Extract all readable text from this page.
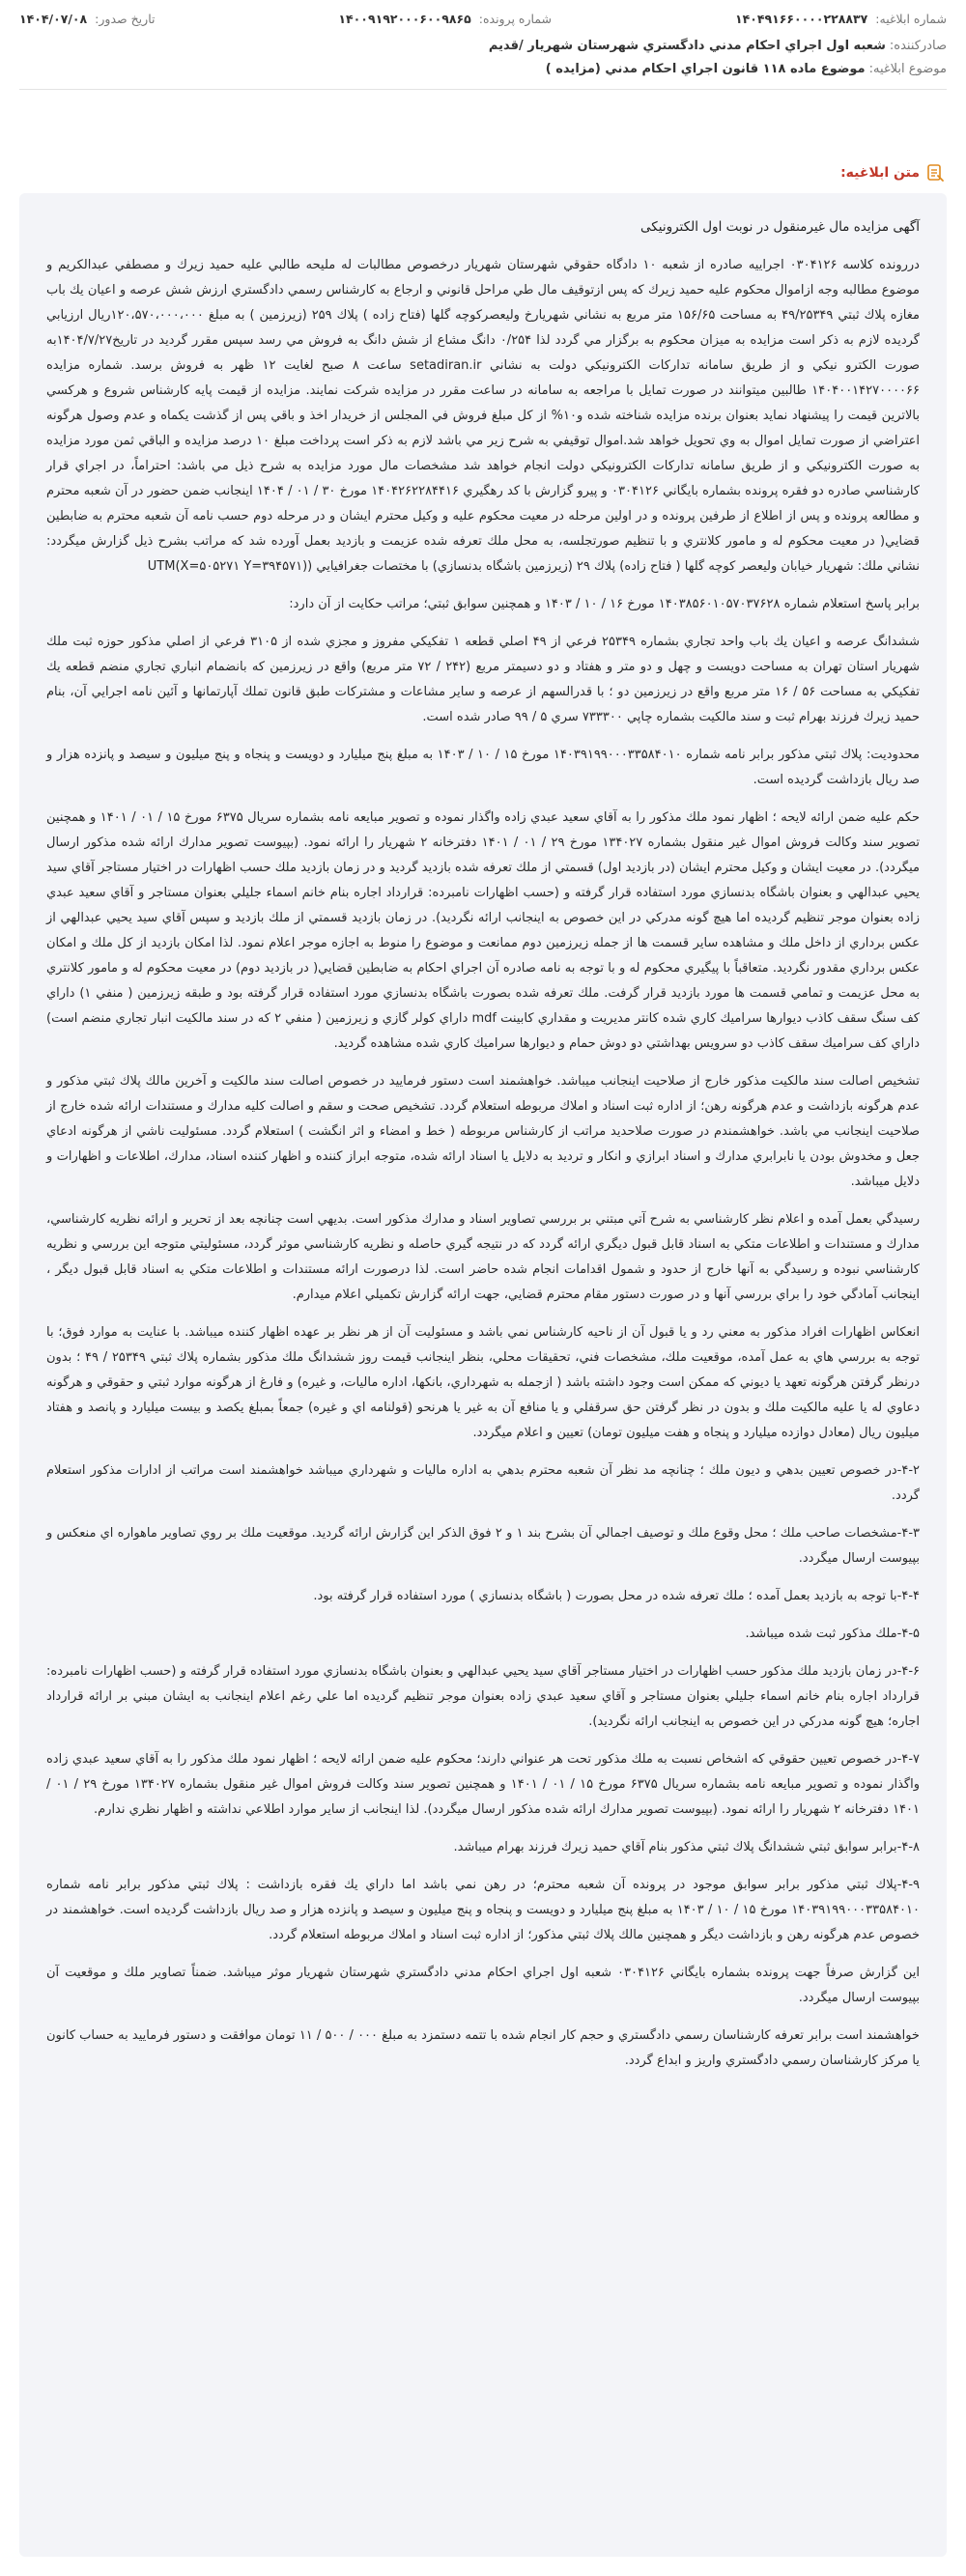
شماره ابلاغیه: ۱۴۰۴۹۱۶۶۰۰۰۰۲۲۸۸۳۷
شماره پرونده: ۱۴۰۰۹۱۹۲۰۰۰۶۰۰۹۸۶۵
تاریخ صدور: ۱۴۰۴/۰۷/۰۸
صادرکننده:
شعبه اول اجراي احكام مدني دادگستري شهرستان شهريار /قديم
موضوع ابلاغیه:
موضوع ماده ۱۱۸ قانون اجراي احكام مدني (مزايده )
متن ابلاغیه:

آگهی مزایده مال غیرمنقول در نوبت اول الکترونیکی

دررونده كلاسه ۰۳۰۴۱۲۶ اجراييه صادره از شعبه ۱۰ دادگاه حقوقي شهرستان شهريار درخصوص مطالبات له مليحه طالبي عليه حميد زيرك و مصطفي عبدالكريم و موضوع مطالبه وجه ازاموال محكوم عليه حميد زيرك كه پس ازتوقيف مال طي مراحل قانوني و ارجاع به كارشناس رسمي دادگستري ارزش شش عرصه و اعيان يك باب مغازه پلاك ثبتي ۴۹/۲۵۳۴۹ به مساحت ۱۵۶/۶۵ متر مربع به نشاني شهريارخ وليعصركوچه گلها (فتاح زاده ) پلاك ۲۵۹ (زيرزمين ) به مبلغ ۱۲۰،۵۷۰،۰۰۰،۰۰۰ريال ارزيابي گرديده لازم به ذكر است مزايده به ميزان محكوم به برگزار مي گردد لذا ۰/۲۵۴ دانگ مشاع از شش دانگ به فروش مي رسد سپس مقرر گرديد در تاريخ۱۴۰۴/۷/۲۷به صورت الكترو نيكي و از طريق سامانه تداركات الكترونيكي دولت به نشاني setadiran.ir ساعت ۸ صبح لغايت ۱۲ ظهر به فروش برسد. شماره مزايده ۱۴۰۴۰۰۱۴۲۷۰۰۰۰۶۶ طالبين ميتوانند در صورت تمايل با مراجعه به سامانه در ساعت مقرر در مزايده شركت نمايند. مزايده از قيمت پايه كارشناس شروع و هركسي بالاترين قيمت را پيشنهاد نمايد بعنوان برنده مزايده شناخته شده و۱۰% از كل مبلغ فروش في المجلس از خريدار اخذ و باقي پس از گذشت يكماه و عدم وصول هرگونه اعتراضي از صورت تمايل اموال به وي تحويل خواهد شد.اموال توقيفي به شرح زير مي باشد لازم به ذكر است پرداخت مبلغ ۱۰ درصد مزايده و الباقي ثمن مورد مزايده به صورت الكترونيكي و از طريق سامانه تداركات الكترونيكي دولت انجام خواهد شد مشخصات مال مورد مزايده به شرح ذيل مي باشد: احتراماً، در اجراي قرار كارشناسي صادره دو فقره پرونده بشماره بايگاني ۰۳۰۴۱۲۶ و پيرو گزارش با كد رهگيري ۱۴۰۴۲۶۲۲۸۴۴۱۶ مورخ ۳۰ / ۰۱ / ۱۴۰۴ اينجانب ضمن حضور در آن شعبه محترم و مطالعه پرونده و پس از اطلاع از طرفين پرونده و در اولين مرحله در معيت محكوم عليه و وكيل محترم ايشان و در مرحله دوم حسب نامه آن شعبه محترم به ضابطين قضايي( در معيت محكوم له و مامور كلانتري و با تنظيم صورتجلسه، به محل ملك تعرفه شده عزيمت و بازديد بعمل آورده شد كه مراتب بشرح ذيل گزارش ميگردد: نشاني ملك: شهريار خيابان وليعصر كوچه گلها ( فتاح زاده) پلاك ۲۹ (زيرزمين باشگاه بدنسازي) با مختصات جغرافيايي ((UTM(X=۵۰۵۲۷۱ Y=۳۹۴۵۷۱

برابر پاسخ استعلام شماره ۱۴۰۳۸۵۶۰۱۰۵۷۰۳۷۶۲۸ مورخ ۱۶ / ۱۰ / ۱۴۰۳ و همچنين سوابق ثبتي؛ مراتب حكايت از آن دارد:

ششدانگ عرصه و اعيان يك باب واحد تجاري بشماره ۲۵۳۴۹ فرعي از ۴۹ اصلي قطعه ۱ تفكيكي مفروز و مجزي شده از ۳۱۰۵ فرعي از اصلي مذكور حوزه ثبت ملك شهريار استان تهران به مساحت دويست و چهل و دو متر و هفتاد و دو دسيمتر مربع (۲۴۲ / ۷۲ متر مربع) واقع در زيرزمين كه بانضمام انباري تجاري منضم قطعه يك تفكيكي به مساحت ۵۶ / ۱۶ متر مربع واقع در زيرزمين دو ؛ با قدرالسهم از عرصه و ساير مشاعات و مشتركات طبق قانون تملك آپارتمانها و آئين نامه اجرايي آن، بنام حميد زيرك فرزند بهرام ثبت و سند مالكيت بشماره چاپي ۷۳۳۳۰۰ سري ۵ / ۹۹ صادر شده است.

محدوديت: پلاك ثبتي مذكور برابر نامه شماره ۱۴۰۳۹۱۹۹۰۰۰۳۳۵۸۴۰۱۰ مورخ ۱۵ / ۱۰ / ۱۴۰۳ به مبلغ پنج ميليارد و دويست و پنجاه و پنج ميليون و سيصد و پانزده هزار و صد ريال بازداشت گرديده است.

حكم عليه ضمن ارائه لايحه ؛ اظهار نمود ملك مذكور را به آقاي سعيد عبدي زاده واگذار نموده و تصوير مبايعه نامه بشماره سريال ۶۳۷۵ مورخ ۱۵ / ۰۱ / ۱۴۰۱ و همچنين تصوير سند وكالت فروش اموال غير منقول بشماره ۱۳۴۰۲۷ مورخ ۲۹ / ۰۱ / ۱۴۰۱ دفترخانه ۲ شهريار را ارائه نمود. (بپيوست تصوير مدارك ارائه شده مذكور ارسال ميگردد). در معيت ايشان و وكيل محترم ايشان (در بازديد اول) قسمتي از ملك تعرفه شده بازديد گرديد و در زمان بازديد ملك حسب اظهارات در اختيار مستاجر آقاي سيد يحيي عبدالهي و بعنوان باشگاه بدنسازي مورد استفاده قرار گرفته و (حسب اظهارات نامبرده: قرارداد اجاره بنام خانم اسماء جليلي بعنوان مستاجر و آقاي سعيد عبدي زاده بعنوان موجر تنظيم گرديده اما هيچ گونه مدركي در اين خصوص به اينجانب ارائه نگرديد). در زمان بازديد قسمتي از ملك بازديد و سپس آقاي سيد يحيي عبدالهي از عكس برداري از داخل ملك و مشاهده ساير قسمت ها از جمله زيرزمين دوم ممانعت و موضوع را منوط به اجازه موجر اعلام نمود. لذا امكان بازديد از كل ملك و امكان عكس برداري مقدور نگرديد. متعاقباً با پيگيري محكوم له و با توجه به نامه صادره آن اجراي احكام به ضابطين قضايي( در بازديد دوم) در معيت محكوم له و مامور كلانتري به محل عزيمت و تمامي قسمت ها مورد بازديد قرار گرفت. ملك تعرفه شده بصورت باشگاه بدنسازي مورد استفاده قرار گرفته بود و طبقه زيرزمين ( منفي ۱) داراي كف سنگ سقف كاذب ديوارها سراميك كاري شده كانتر مديريت و مقداري كابينت mdf داراي كولر گازي و زيرزمين ( منفي ۲ كه در سند مالكيت انبار تجاري منضم است) داراي كف سراميك سقف كاذب دو سرويس بهداشتي دو دوش حمام و ديوارها سراميك كاري شده مشاهده گرديد.

تشخيص اصالت سند مالكيت مذكور خارج از صلاحيت اينجانب ميباشد. خواهشمند است دستور فرماييد در خصوص اصالت سند مالكيت و آخرين مالك پلاك ثبتي مذكور و عدم هرگونه بازداشت و عدم هرگونه رهن؛ از اداره ثبت اسناد و املاك مربوطه استعلام گردد. تشخيص صحت و سقم و اصالت كليه مدارك و مستندات ارائه شده خارج از صلاحيت اينجانب مي باشد. خواهشمندم در صورت صلاحديد مراتب از كارشناس مربوطه ( خط و امضاء و اثر انگشت ) استعلام گردد. مسئوليت ناشي از هرگونه ادعاي جعل و مخدوش بودن يا نابرابري مدارك و اسناد ابرازي و انكار و ترديد به دلايل يا اسناد ارائه شده، متوجه ابراز كننده و اظهار كننده اسناد، مدارك، اطلاعات و اظهارات و دلايل ميباشد.

رسيدگي بعمل آمده و اعلام نظر كارشناسي به شرح آتي مبتني بر بررسي تصاوير اسناد و مدارك مذكور است. بديهي است چنانچه بعد از تحرير و ارائه نظريه كارشناسي، مدارك و مستندات و اطلاعات متكي به اسناد قابل قبول ديگري ارائه گردد كه در نتيجه گيري حاصله و نظريه كارشناسي موثر گردد، مسئوليتي متوجه اين بررسي و نظريه كارشناسي نبوده و رسيدگي به آنها خارج از حدود و شمول اقدامات انجام شده حاضر است. لذا درصورت ارائه مستندات و اطلاعات متكي به اسناد قابل قبول ديگر ، اينجانب آمادگي خود را براي بررسي آنها و در صورت دستور مقام محترم قضايي، جهت ارائه گزارش تكميلي اعلام ميدارم.

انعكاس اظهارات افراد مذكور به معني رد و يا قبول آن از ناحيه كارشناس نمي باشد و مسئوليت آن از هر نظر بر عهده اظهار كننده ميباشد. با عنايت به موارد فوق؛ با توجه به بررسي هاي به عمل آمده، موقعيت ملك، مشخصات فني، تحقيقات محلي، بنظر اينجانب قيمت روز ششدانگ ملك مذكور بشماره پلاك ثبتي ۲۵۳۴۹ / ۴۹ ؛ بدون درنظر گرفتن هرگونه تعهد يا ديوني كه ممكن است وجود داشته باشد ( ازجمله به شهرداري، بانكها، اداره ماليات، و غيره) و فارغ از هرگونه موارد ثبتي و حقوقي و هرگونه دعاوي له يا عليه مالكيت ملك و بدون در نظر گرفتن حق سرقفلي و يا منافع آن به غير يا هرنحو (قولنامه اي و غيره) جمعاً بمبلغ يكصد و بيست ميليارد و پانصد و هفتاد ميليون ريال (معادل دوازده ميليارد و پنجاه و هفت ميليون تومان) تعيين و اعلام ميگردد.

۴-۲-در خصوص تعيين بدهي و ديون ملك ؛ چنانچه مد نظر آن شعبه محترم بدهي به اداره ماليات و شهرداري ميباشد خواهشمند است مراتب از ادارات مذكور استعلام گردد.

۴-۳-مشخصات صاحب ملك ؛ محل وقوع ملك و توصيف اجمالي آن بشرح بند ۱ و ۲ فوق الذكر اين گزارش ارائه گرديد. موقعيت ملك بر روي تصاوير ماهواره اي منعكس و بپيوست ارسال ميگردد.

۴-۴-با توجه به بازديد بعمل آمده ؛ ملك تعرفه شده در محل بصورت ( باشگاه بدنسازي ) مورد استفاده قرار گرفته بود.

۴-۵-ملك مذكور ثبت شده ميباشد.

۴-۶-در زمان بازديد ملك مذكور حسب اظهارات در اختيار مستاجر آقاي سيد يحيي عبدالهي و بعنوان باشگاه بدنسازي مورد استفاده قرار گرفته و (حسب اظهارات نامبرده: قرارداد اجاره بنام خانم اسماء جليلي بعنوان مستاجر و آقاي سعيد عبدي زاده بعنوان موجر تنظيم گرديده اما علي رغم اعلام اينجانب به ايشان مبني بر ارائه قرارداد اجاره؛ هيچ گونه مدركي در اين خصوص به اينجانب ارائه نگرديد).

۴-۷-در خصوص تعيين حقوقي كه اشخاص نسبت به ملك مذكور تحت هر عنواني دارند؛ محكوم عليه ضمن ارائه لايحه ؛ اظهار نمود ملك مذكور را به آقاي سعيد عبدي زاده واگذار نموده و تصوير مبايعه نامه بشماره سريال ۶۳۷۵ مورخ ۱۵ / ۰۱ / ۱۴۰۱ و همچنين تصوير سند وكالت فروش اموال غير منقول بشماره ۱۳۴۰۲۷ مورخ ۲۹ / ۰۱ / ۱۴۰۱ دفترخانه ۲ شهريار را ارائه نمود. (بپيوست تصوير مدارك ارائه شده مذكور ارسال ميگردد). لذا اينجانب از ساير موارد اطلاعي نداشته و اظهار نظري ندارم.

۴-۸-برابر سوابق ثبتي ششدانگ پلاك ثبتي مذكور بنام آقاي حميد زيرك فرزند بهرام ميباشد.

۴-۹-پلاك ثبتي مذكور برابر سوابق موجود در پرونده آن شعبه محترم؛ در رهن نمي باشد اما داراي يك فقره بازداشت : پلاك ثبتي مذكور برابر نامه شماره ۱۴۰۳۹۱۹۹۰۰۰۳۳۵۸۴۰۱۰ مورخ ۱۵ / ۱۰ / ۱۴۰۳ به مبلغ پنج ميليارد و دويست و پنجاه و پنج ميليون و سيصد و پانزده هزار و صد ريال بازداشت گرديده است. خواهشمند در خصوص عدم هرگونه رهن و بازداشت ديگر و همچنين مالك پلاك ثبتي مذكور؛ از اداره ثبت اسناد و املاك مربوطه استعلام گردد.

اين گزارش صرفاً جهت پرونده بشماره بايگاني ۰۳۰۴۱۲۶ شعبه اول اجراي احكام مدني دادگستري شهرستان شهريار موثر ميباشد. ضمناً تصاوير ملك و موقعيت آن بپيوست ارسال ميگردد.

خواهشمند است برابر تعرفه كارشناسان رسمي دادگستري و حجم كار انجام شده با تتمه دستمزد به مبلغ ۰۰۰ / ۵۰۰ / ۱۱ تومان موافقت و دستور فرماييد به حساب كانون يا مركز كارشناسان رسمي دادگستري واريز و ابداع گردد.
